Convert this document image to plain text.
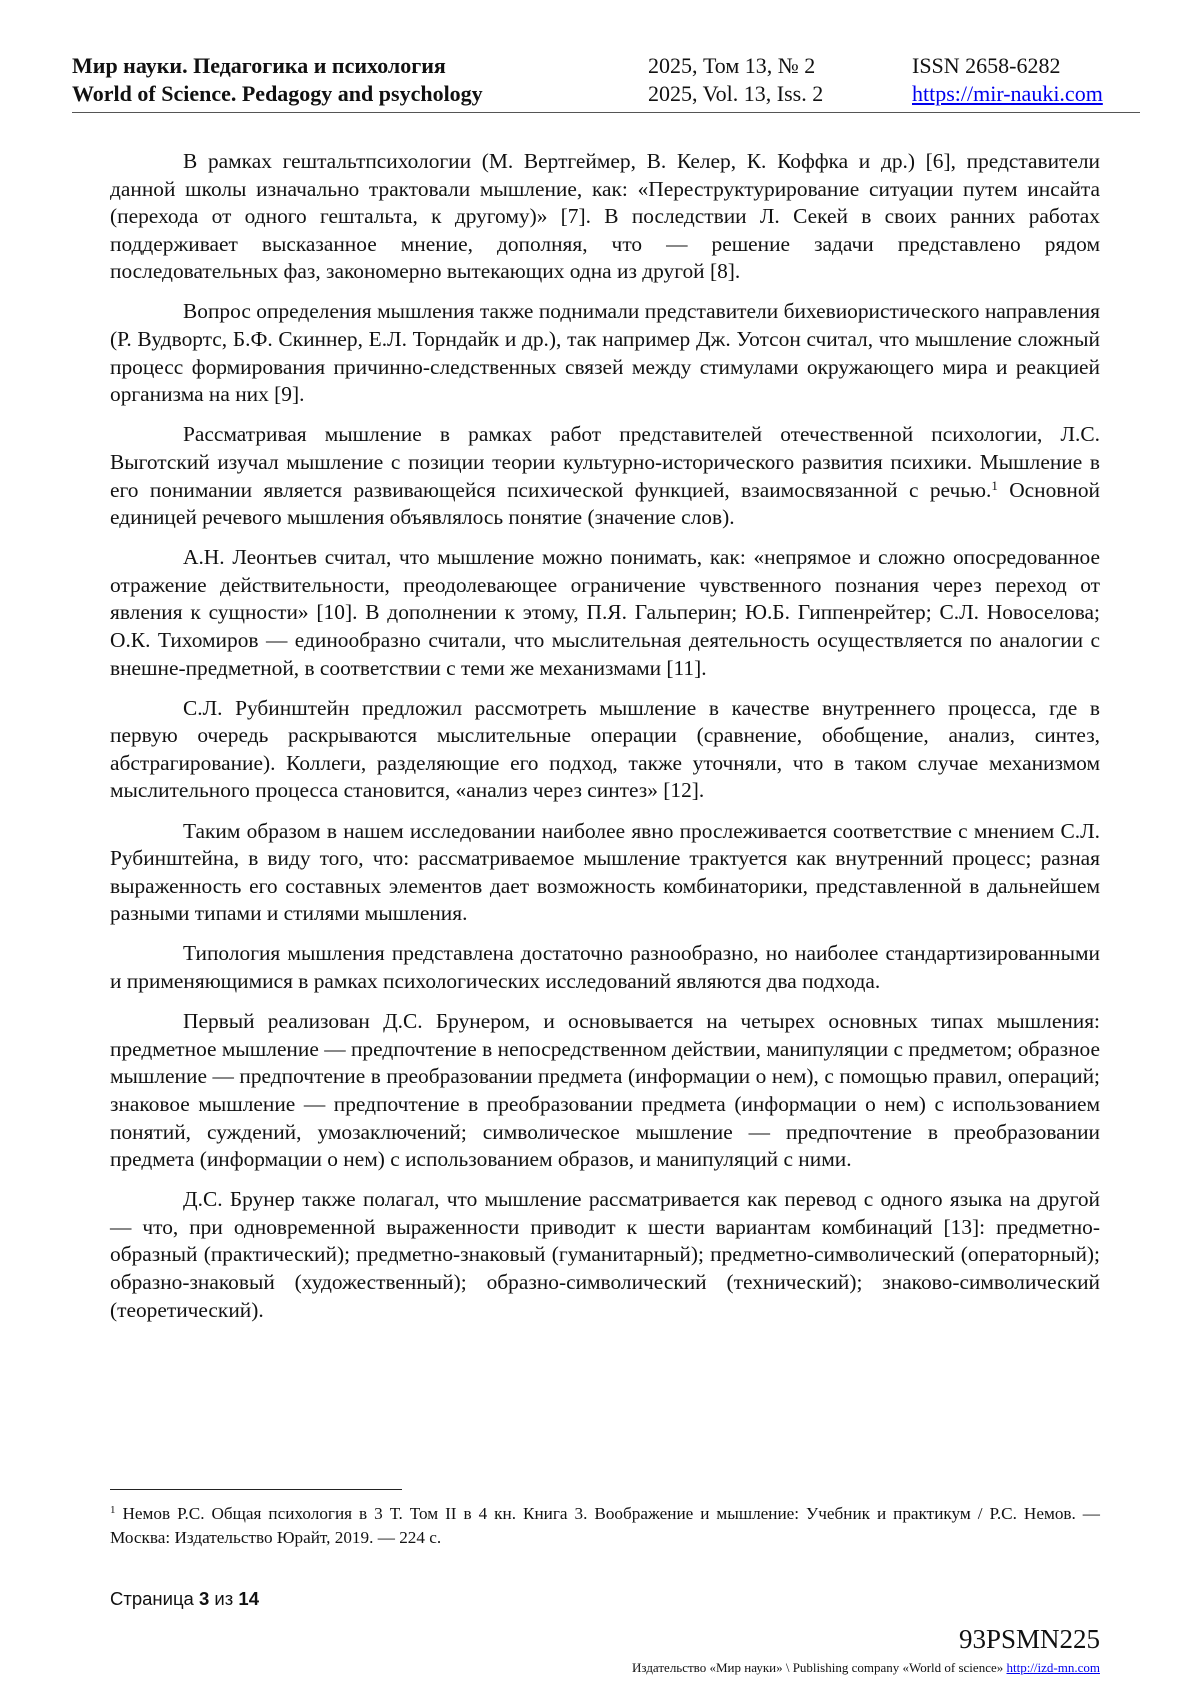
Мир науки. Педагогика и психология
World of Science. Pedagogy and psychology
2025, Том 13, № 2
2025, Vol. 13, Iss. 2
ISSN 2658-6282
https://mir-nauki.com

В рамках гештальтпсихологии (М. Вертгеймер, В. Келер, К. Коффка и др.) [6], представители данной школы изначально трактовали мышление, как: «Переструктурирование ситуации путем инсайта (перехода от одного гештальта, к другому)» [7]. В последствии Л. Секей в своих ранних работах поддерживает высказанное мнение, дополняя, что — решение задачи представлено рядом последовательных фаз, закономерно вытекающих одна из другой [8].

Вопрос определения мышления также поднимали представители бихевиористического направления (Р. Вудвортс, Б.Ф. Скиннер, Е.Л. Торндайк и др.), так например Дж. Уотсон считал, что мышление сложный процесс формирования причинно-следственных связей между стимулами окружающего мира и реакцией организма на них [9].

Рассматривая мышление в рамках работ представителей отечественной психологии, Л.С. Выготский изучал мышление с позиции теории культурно-исторического развития психики. Мышление в его понимании является развивающейся психической функцией, взаимосвязанной с речью.$^1$ Основной единицей речевого мышления объявлялось понятие (значение слов).

А.Н. Леонтьев считал, что мышление можно понимать, как: «непрямое и сложно опосредованное отражение действительности, преодолевающее ограничение чувственного познания через переход от явления к сущности» [10]. В дополнении к этому, П.Я. Гальперин; Ю.Б. Гиппенрейтер; С.Л. Новоселова; О.К. Тихомиров — единообразно считали, что мыслительная деятельность осуществляется по аналогии с внешне-предметной, в соответствии с теми же механизмами [11].

С.Л. Рубинштейн предложил рассмотреть мышление в качестве внутреннего процесса, где в первую очередь раскрываются мыслительные операции (сравнение, обобщение, анализ, синтез, абстрагирование). Коллеги, разделяющие его подход, также уточняли, что в таком случае механизмом мыслительного процесса становится, «анализ через синтез» [12].

Таким образом в нашем исследовании наиболее явно прослеживается соответствие с мнением С.Л. Рубинштейна, в виду того, что: рассматриваемое мышление трактуется как внутренний процесс; разная выраженность его составных элементов дает возможность комбинаторики, представленной в дальнейшем разными типами и стилями мышления.

Типология мышления представлена достаточно разнообразно, но наиболее стандартизированными и применяющимися в рамках психологических исследований являются два подхода.

Первый реализован Д.С. Брунером, и основывается на четырех основных типах мышления: предметное мышление — предпочтение в непосредственном действии, манипуляции с предметом; образное мышление — предпочтение в преобразовании предмета (информации о нем), с помощью правил, операций; знаковое мышление — предпочтение в преобразовании предмета (информации о нем) с использованием понятий, суждений, умозаключений; символическое мышление — предпочтение в преобразовании предмета (информации о нем) с использованием образов, и манипуляций с ними.

Д.С. Брунер также полагал, что мышление рассматривается как перевод с одного языка на другой — что, при одновременной выраженности приводит к шести вариантам комбинаций [13]: предметно-образный (практический); предметно-знаковый (гуманитарный); предметно-символический (операторный); образно-знаковый (художественный); образно-символический (технический); знаково-символический (теоретический).

$^1$ Немов Р.С. Общая психология в 3 Т. Том II в 4 кн. Книга 3. Воображение и мышление: Учебник и практикум / Р.С. Немов. — Москва: Издательство Юрайт, 2019. — 224 с.
Страница 3 из 14
93PSMN225
Издательство «Мир науки» \ Publishing company «World of science» http://izd-mn.com
